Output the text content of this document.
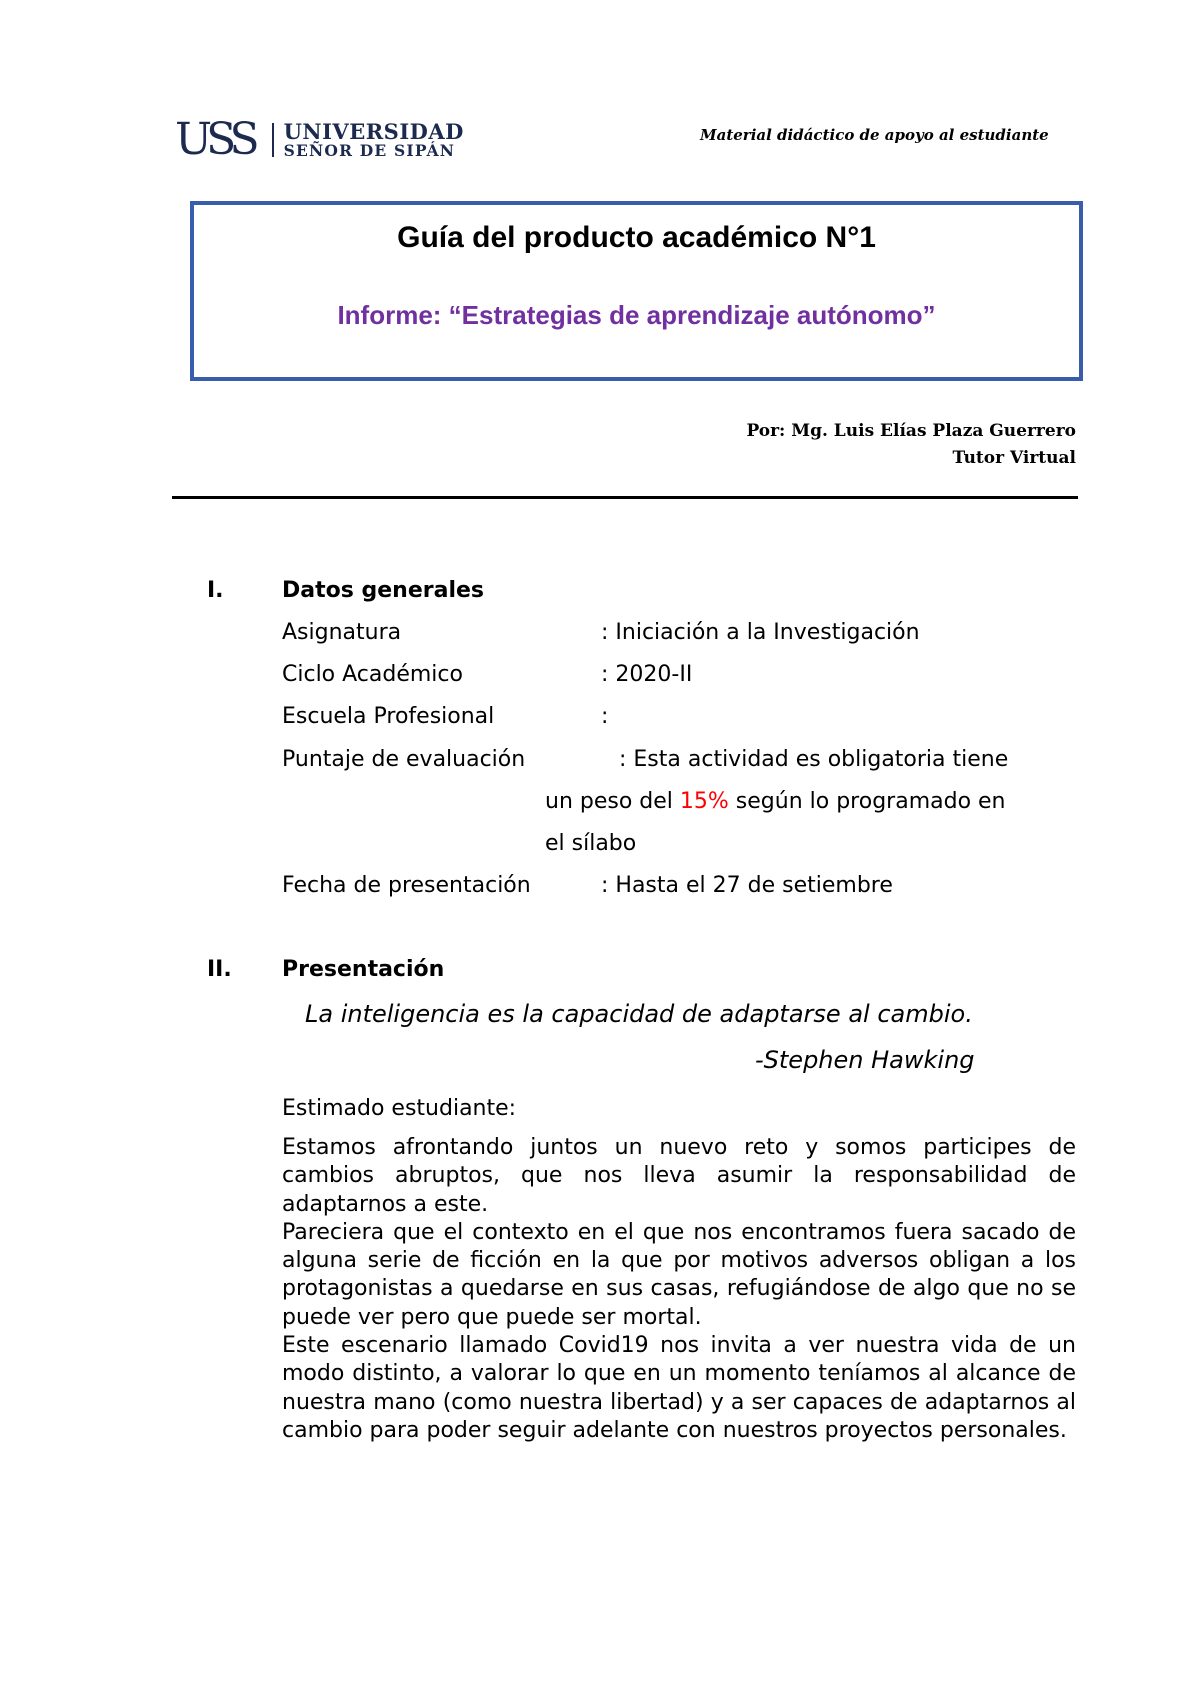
USS UNIVERSIDAD
SEÑOR DE SIPÁN
Material didáctico de apoyo al estudiante
Guía del producto académico N°1
Informe: “Estrategias de aprendizaje autónomo”
Por: Mg. Luis Elías Plaza Guerrero
Tutor Virtual
I.	Datos generales
Asignatura	: Iniciación a la Investigación
Ciclo Académico	: 2020-II
Escuela Profesional	:
Puntaje de evaluación	: Esta actividad es obligatoria tiene
un peso del 15% según lo programado en
el sílabo
Fecha de presentación	: Hasta el 27 de setiembre
II. Presentación
La inteligencia es la capacidad de adaptarse al cambio.
-Stephen Hawking
Estimado estudiante:

Estamos afrontando juntos un nuevo reto y somos participes de cambios abruptos, que nos lleva asumir la responsabilidad de adaptarnos a este.

Pareciera que el contexto en el que nos encontramos fuera sacado de alguna serie de ficción en la que por motivos adversos obligan a los protagonistas a quedarse en sus casas, refugiándose de algo que no se puede ver pero que puede ser mortal.

Este escenario llamado Covid19 nos invita a ver nuestra vida de un modo distinto, a valorar lo que en un momento teníamos al alcance de nuestra mano (como nuestra libertad) y a ser capaces de adaptarnos al cambio para poder seguir adelante con nuestros proyectos personales.
